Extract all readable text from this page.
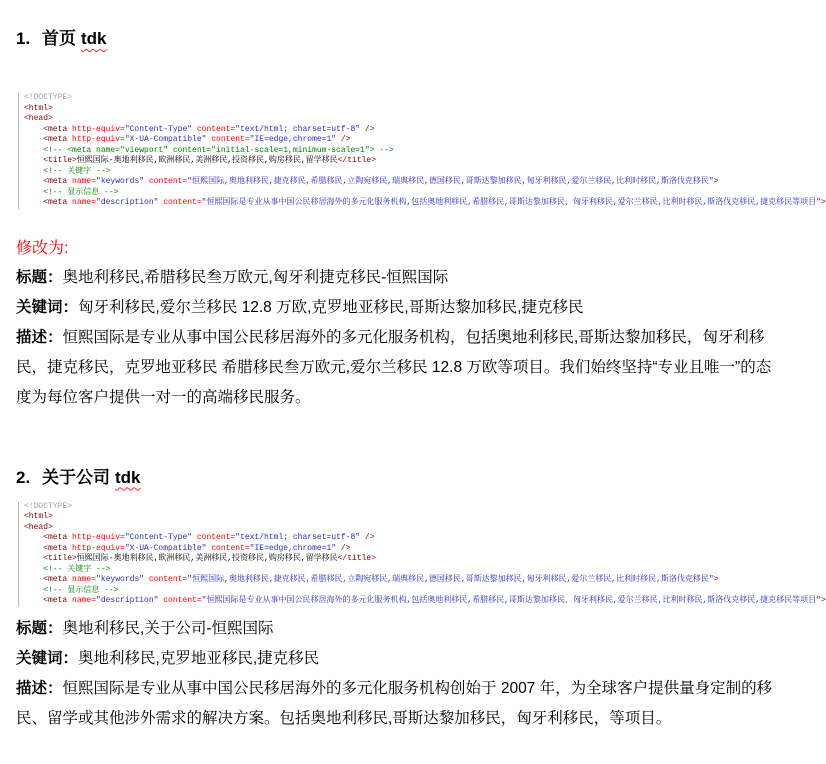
1. 首页 tdk
<!DOCTYPE>
<html>
<head>
<meta http-equiv="Content-Type" content="text/html; charset=utf-8" />
<meta http-equiv="X-UA-Compatible" content="IE=edge,chrome=1" />
<!-- <meta name="viewport" content="initial-scale=1,minimum-scale=1"> -->
<title>恒熙国际-奥地利移民,欧洲移民,美洲移民,投资移民,购房移民,留学移民</title>
<!-- 关键字 -->
<meta name="keywords" content="恒熙国际,奥地利移民,捷克移民,希腊移民,立陶宛移民,瑞典移民,德国移民,哥斯达黎加移民,匈牙利移民,爱尔兰移民,比利时移民,斯洛伐克移民">
<!-- 显示信息 -->
<meta name="description" content="恒熙国际是专业从事中国公民移居海外的多元化服务机构,包括奥地利移民,希腊移民,哥斯达黎加移民，匈牙利移民,爱尔兰移民,比利时移民,斯洛伐克移民,捷克移民等项目">
修改为:

标题：奥地利移民,希腊移民叁万欧元,匈牙利捷克移民-恒熙国际

关键词：匈牙利移民,爱尔兰移民 12.8 万欧,克罗地亚移民,哥斯达黎加移民,捷克移民

描述：恒熙国际是专业从事中国公民移居海外的多元化服务机构，包括奥地利移民,哥斯达黎加移民，匈牙利移民，捷克移民，克罗地亚移民 希腊移民叁万欧元,爱尔兰移民 12.8 万欧等项目。我们始终坚持“专业且唯一”的态度为每位客户提供一对一的高端移民服务。

2. 关于公司 tdk
<!DOCTYPE>
<html>
<head>
<meta http-equiv="Content-Type" content="text/html; charset=utf-8" />
<meta http-equiv="X-UA-Compatible" content="IE=edge,chrome=1" />
<title>恒熙国际-奥地利移民,欧洲移民,美洲移民,投资移民,购房移民,留学移民</title>
<!-- 关键字 -->
<meta name="keywords" content="恒熙国际,奥地利移民,捷克移民,希腊移民,立陶宛移民,瑞典移民,德国移民,哥斯达黎加移民,匈牙利移民,爱尔兰移民,比利时移民,斯洛伐克移民">
<!-- 显示信息 -->
<meta name="description" content="恒熙国际是专业从事中国公民移居海外的多元化服务机构,包括奥地利移民,希腊移民,哥斯达黎加移民，匈牙利移民,爱尔兰移民,比利时移民,斯洛伐克移民,捷克移民等项目">

标题：奥地利移民,关于公司-恒熙国际

关键词：奥地利移民,克罗地亚移民,捷克移民

描述：恒熙国际是专业从事中国公民移居海外的多元化服务机构创始于 2007 年，为全球客户提供量身定制的移民、留学或其他涉外需求的解决方案。包括奥地利移民,哥斯达黎加移民，匈牙利移民，等项目。
